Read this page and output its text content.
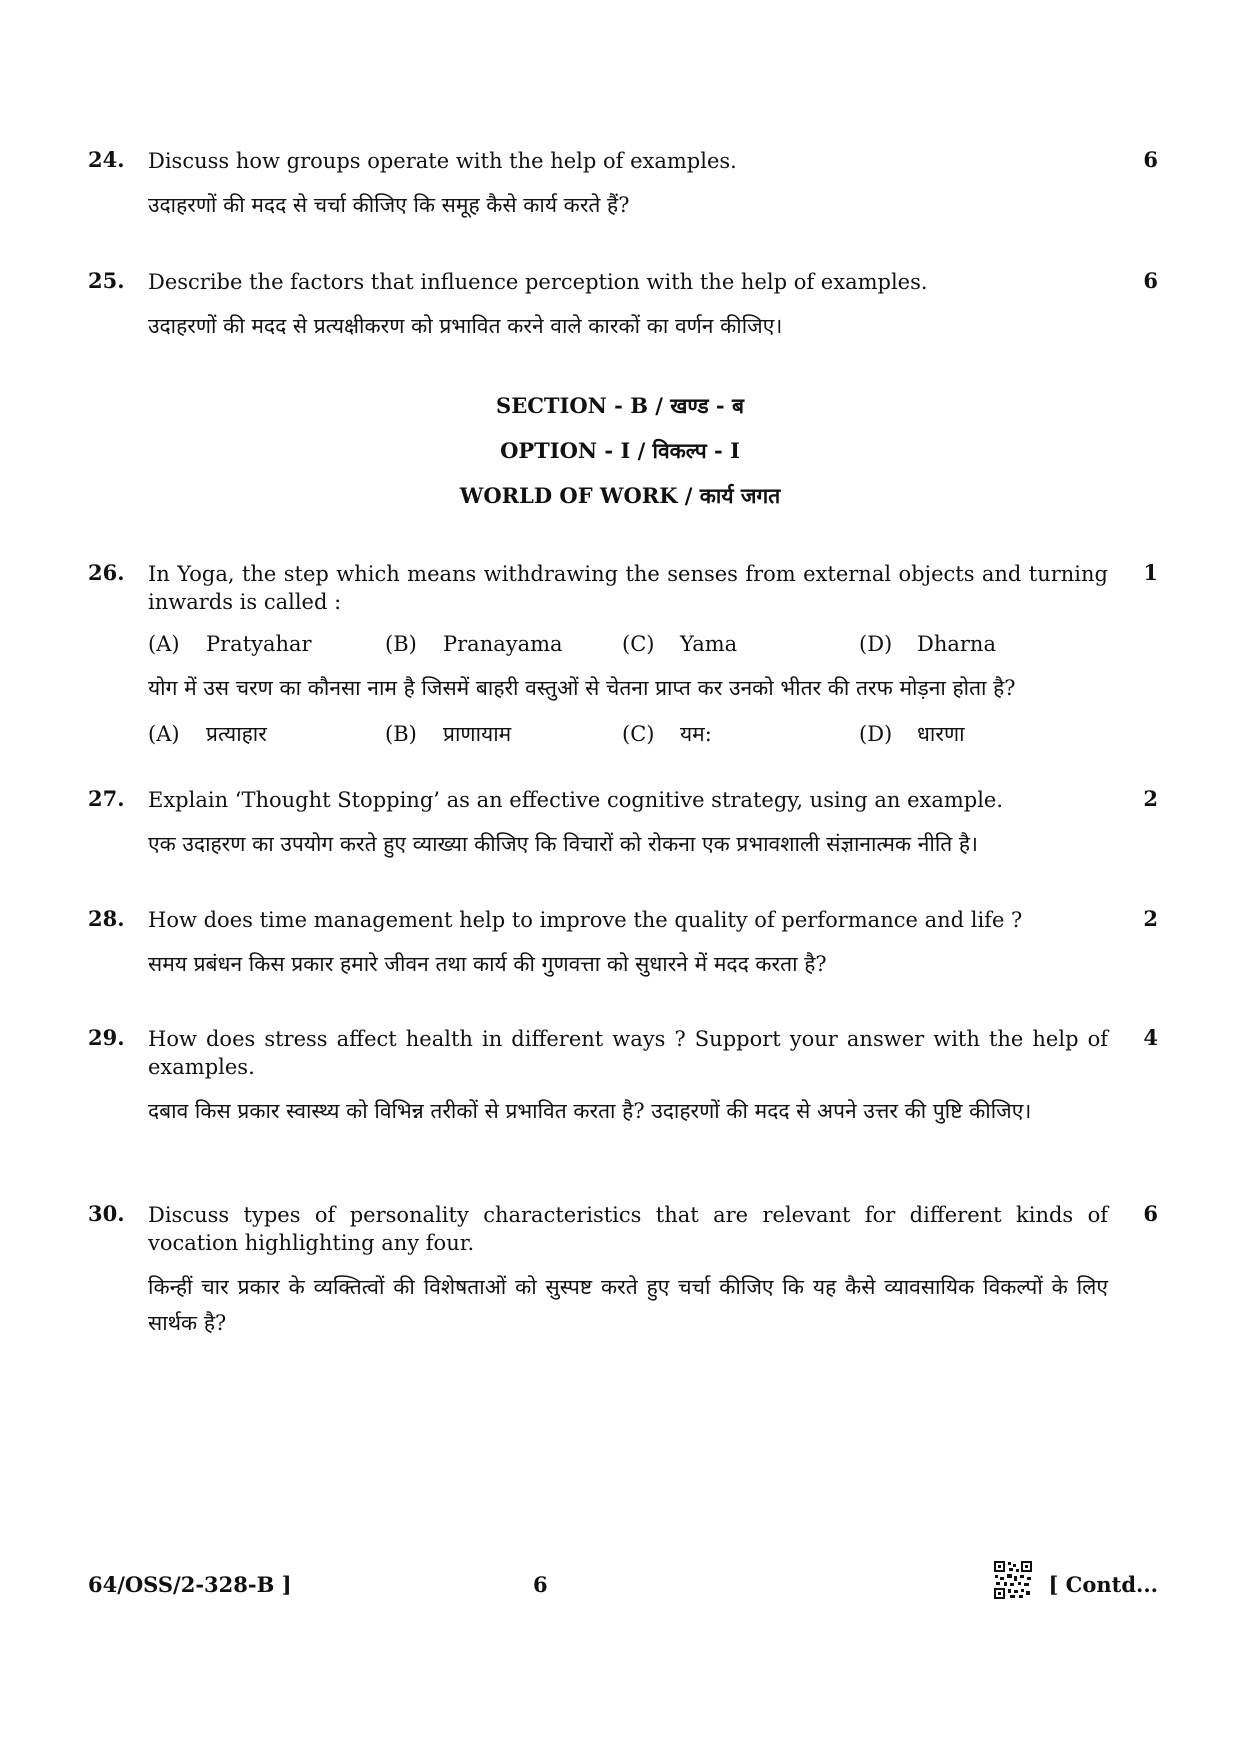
24.	Discuss how groups operate with the help of examples.	6
उदाहरणों की मदद से चर्चा कीजिए कि समूह कैसे कार्य करते हैं?
25.	Describe the factors that influence perception with the help of examples.	6
उदाहरणों की मदद से प्रत्यक्षीकरण को प्रभावित करने वाले कारकों का वर्णन कीजिए।
SECTION - B / खण्ड - ब
OPTION - I / विकल्प - I
WORLD OF WORK / कार्य जगत
26.	In Yoga, the step which means withdrawing the senses from external objects and turning inwards is called :
1
(A)	Pratyahar	(B)	Pranayama	(C)	Yama	(D)	Dharna
योग में उस चरण का कौनसा नाम है जिसमें बाहरी वस्तुओं से चेतना प्राप्त कर उनको भीतर की तरफ मोड़ना होता है?
(A)	प्रत्याहार	(B)	प्राणायाम	(C)	यम:	(D)	धारणा
27.	Explain ‘Thought Stopping’ as an effective cognitive strategy, using an example.	2
एक उदाहरण का उपयोग करते हुए व्याख्या कीजिए कि विचारों को रोकना एक प्रभावशाली संज्ञानात्मक नीति है।
28.	How does time management help to improve the quality of performance and life ?	2
समय प्रबंधन किस प्रकार हमारे जीवन तथा कार्य की गुणवत्ता को सुधारने में मदद करता है?
29.	How does stress affect health in different ways ? Support your answer with the help of examples.
4
दबाव किस प्रकार स्वास्थ्य को विभिन्न तरीकों से प्रभावित करता है? उदाहरणों की मदद से अपने उत्तर की पुष्टि कीजिए।
30.	Discuss types of personality characteristics that are relevant for different kinds of vocation highlighting any four.
6
किन्हीं चार प्रकार के व्यक्तित्वों की विशेषताओं को सुस्पष्ट करते हुए चर्चा कीजिए कि यह कैसे व्यावसायिक विकल्पों के लिए सार्थक है?
64/OSS/2-328-B ]	6	[ Contd...
